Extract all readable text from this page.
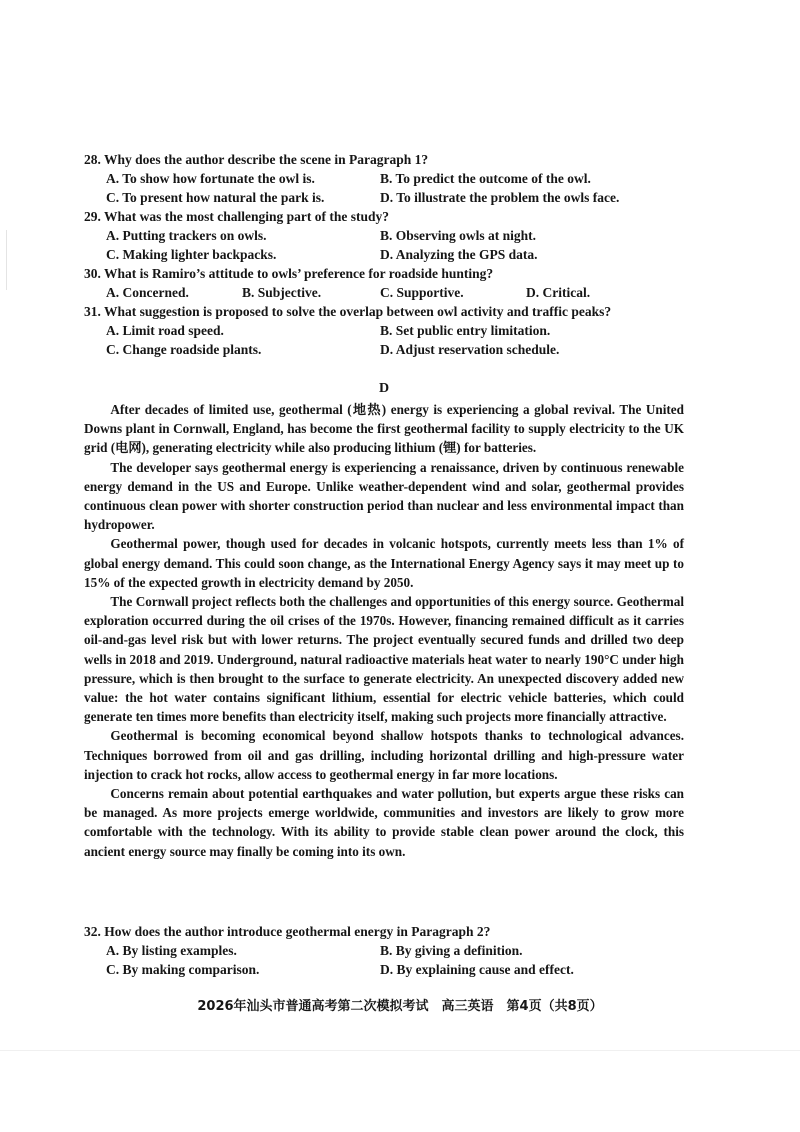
28. Why does the author describe the scene in Paragraph 1?
A. To show how fortunate the owl is.	B. To predict the outcome of the owl.
C. To present how natural the park is.	D. To illustrate the problem the owls face.
29. What was the most challenging part of the study?
A. Putting trackers on owls.	B. Observing owls at night.
C. Making lighter backpacks.	D. Analyzing the GPS data.
30. What is Ramiro’s attitude to owls’ preference for roadside hunting?
A. Concerned.	B. Subjective.	C. Supportive.	D. Critical.
31. What suggestion is proposed to solve the overlap between owl activity and traffic peaks?
A. Limit road speed.	B. Set public entry limitation.
C. Change roadside plants.	D. Adjust reservation schedule.
D

After decades of limited use, geothermal (地热) energy is experiencing a global revival. The United Downs plant in Cornwall, England, has become the first geothermal facility to supply electricity to the UK grid (电网), generating electricity while also producing lithium (锂) for batteries.

The developer says geothermal energy is experiencing a renaissance, driven by continuous renewable energy demand in the US and Europe. Unlike weather-dependent wind and solar, geothermal provides continuous clean power with shorter construction period than nuclear and less environmental impact than hydropower.

Geothermal power, though used for decades in volcanic hotspots, currently meets less than 1% of global energy demand. This could soon change, as the International Energy Agency says it may meet up to 15% of the expected growth in electricity demand by 2050.

The Cornwall project reflects both the challenges and opportunities of this energy source. Geothermal exploration occurred during the oil crises of the 1970s. However, financing remained difficult as it carries oil-and-gas level risk but with lower returns. The project eventually secured funds and drilled two deep wells in 2018 and 2019. Underground, natural radioactive materials heat water to nearly 190°C under high pressure, which is then brought to the surface to generate electricity. An unexpected discovery added new value: the hot water contains significant lithium, essential for electric vehicle batteries, which could generate ten times more benefits than electricity itself, making such projects more financially attractive.

Geothermal is becoming economical beyond shallow hotspots thanks to technological advances. Techniques borrowed from oil and gas drilling, including horizontal drilling and high-pressure water injection to crack hot rocks, allow access to geothermal energy in far more locations.

Concerns remain about potential earthquakes and water pollution, but experts argue these risks can be managed. As more projects emerge worldwide, communities and investors are likely to grow more comfortable with the technology. With its ability to provide stable clean power around the clock, this ancient energy source may finally be coming into its own.

32. How does the author introduce geothermal energy in Paragraph 2?
A. By listing examples.	B. By giving a definition.
C. By making comparison.	D. By explaining cause and effect.
2026年汕头市普通高考第二次模拟考试　高三英语　第4页（共8页）
